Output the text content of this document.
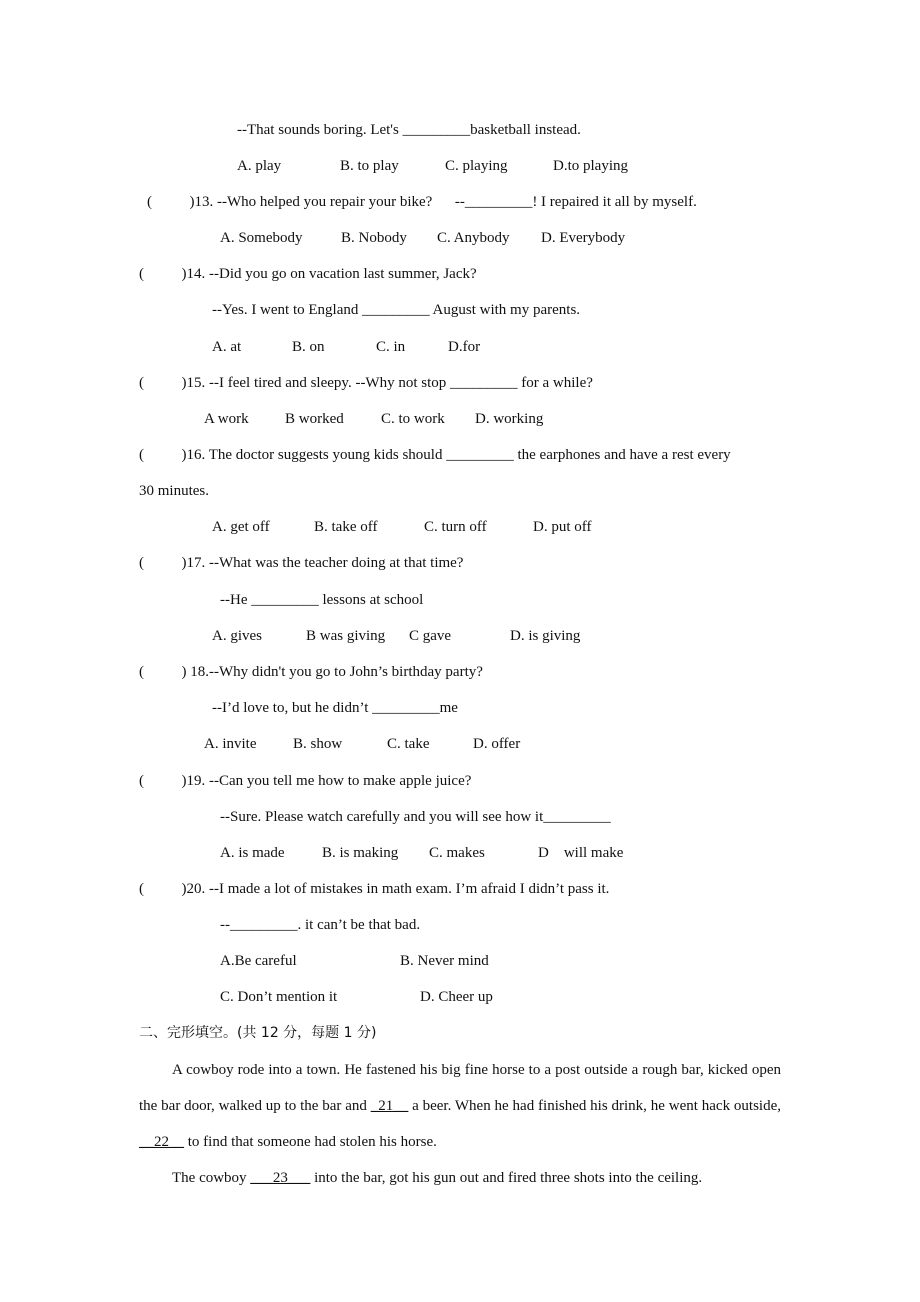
--That sounds boring. Let's _________basketball instead.
A. play	B. to play	C. playing	D.to playing
(          )13. --Who helped you repair your bike?      --_________! I repaired it all by myself.
A. Somebody	B. Nobody C. Anybody D. Everybody
(          )14. --Did you go on vacation last summer, Jack?
--Yes. I went to England _________ August with my parents.
A. at	B. on	C. in	D.for
(          )15. --I feel tired and sleepy. --Why not stop _________ for a while?
A work B worked C. to work D. working
(          )16. The doctor suggests young kids should _________ the earphones and have a rest every
30 minutes.
A. get off	B. take off	C. turn off	D. put off
(          )17. --What was the teacher doing at that time?
--He _________ lessons at school
A. gives	B was giving C gave	D. is giving
(          ) 18.--Why didn't you go to John’s birthday party?
--I’d love to, but he didn’t _________me
A. invite B. show	C. take	D. offer
(          )19. --Can you tell me how to make apple juice?
--Sure. Please watch carefully and you will see how it_________
A. is made B. is making C. makes	D    will make
(          )20. --I made a lot of mistakes in math exam. I’m afraid I didn’t pass it.
--_________. it can’t be that bad.
A.Be careful	B. Never mind
C. Don’t mention it	D. Cheer up
二、完形填空。(共 12 分，每题 1 分)
A cowboy rode into a town. He fastened his big fine horse to a post outside a rough bar, kicked open the bar door, walked up to the bar and _21__ a beer. When he had finished his drink, he went hack outside, __22__ to find that someone had stolen his horse.
The cowboy ___23___ into the bar, got his gun out and fired three shots into the ceiling.
